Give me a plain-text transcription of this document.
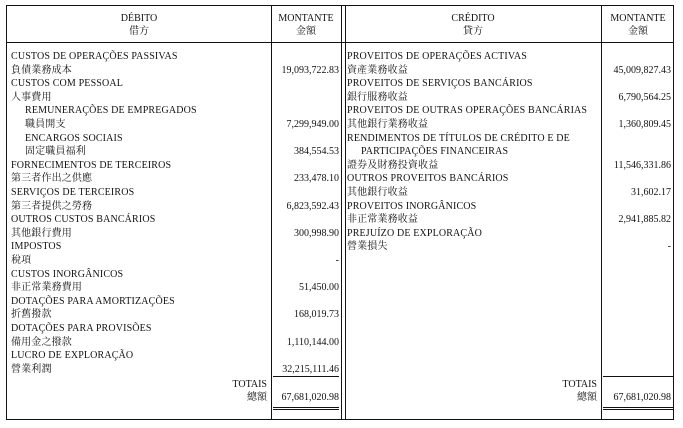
DÉBITO
借方
MONTANTE
金額
CRÉDITO
貸方
MONTANTE
金額
CUSTOS DE OPERAÇÕES PASSIVAS
負債業務成本	19,093,722.83
CUSTOS COM PESSOAL
人事費用
REMUNERAÇÕES DE EMPREGADOS
職員開支	7,299,949.00
ENCARGOS SOCIAIS
固定職員福利	384,554.53
FORNECIMENTOS DE TERCEIROS
第三者作出之供應	233,478.10
SERVIÇOS DE TERCEIROS
第三者提供之勞務	6,823,592.43
OUTROS CUSTOS BANCÁRIOS
其他銀行費用	300,998.90
IMPOSTOS
稅項	-
CUSTOS INORGÂNICOS
非正常業務費用	51,450.00
DOTAÇÕES PARA AMORTIZAÇÕES
折舊撥款	168,019.73
DOTAÇÕES PARA PROVISÕES
備用金之撥款	1,110,144.00
LUCRO DE EXPLORAÇÃO
營業利潤	32,215,111.46
PROVEITOS DE OPERAÇÕES ACTIVAS
資產業務收益	45,009,827.43
PROVEITOS DE SERVIÇOS BANCÁRIOS
銀行服務收益	6,790,564.25
PROVEITOS DE OUTRAS OPERAÇÕES BANCÁRIAS
其他銀行業務收益	1,360,809.45
RENDIMENTOS DE TÍTULOS DE CRÉDITO E DE
PARTICIPAÇÕES FINANCEIRAS
證券及財務投資收益	11,546,331.86
OUTROS PROVEITOS BANCÁRIOS
其他銀行收益	31,602.17
PROVEITOS INORGÂNICOS
非正常業務收益	2,941,885.82
PREJUÍZO DE EXPLORAÇÃO
營業損失	-
TOTAIS
總額	67,681,020.98
TOTAIS
總額	67,681,020.98
